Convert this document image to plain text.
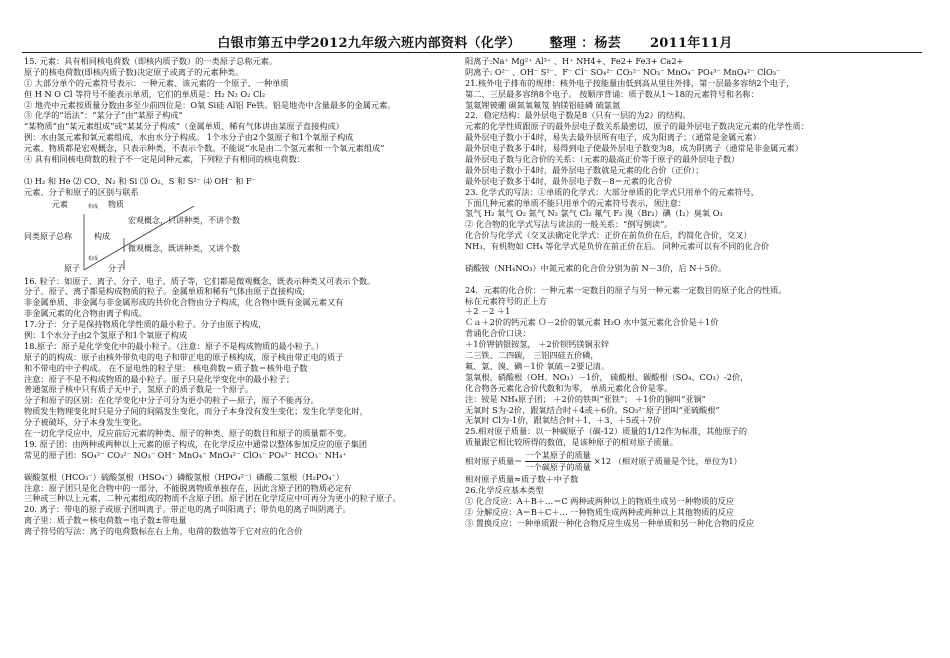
白银市第五中学2012九年级六班内部资料（化学）      整理 ：杨芸      2011年11月
15. 元素：具有相同核电荷数（即核内质子数）的一类原子总称元素。
原子的核电荷数(即核内质子数)决定原子或离子的元素种类。
① 大部分单个的元素符号表示：一种元素、该元素的一个原子、一种单质
但 H N O Cl 等符号不能表示单质，它们的单质是：H₂ N₂ O₂ Cl₂
② 地壳中元素按质量分数由多至少前四位是：O氧 Si硅 Al铝 Fe铁。铝是地壳中含量最多的金属元素。
③ 化学的“语法”：“某分子”由“某原子构成”
“某物质”由“某元素组成”或“某某分子构成”（金属单质、稀有气体讲由某原子直接构成）
例：水由氢元素和氧元素组成，水由水分子构成。 1个水分子由2个氢原子和1个氧原子构成
元素、物质都是宏观概念，只表示种类，不表示个数。不能说“水是由二个氢元素和一个氧元素组成”
④ 具有相同核电荷数的粒子不一定是同种元素，下列粒子有相同的核电荷数：
⑴ H₂ 和 He ⑵ CO、N₂ 和 Si ⑶ O₂、S 和 S²⁻ ⑷ OH⁻ 和 F⁻
元素、分子和原子的区别与联系
元素	物质
构成
宏观概念，只讲种类，不讲个数
同类原子总称	构成
微观概念，既讲种类，又讲个数
构成
原子	分子
16. 粒子：如原子、离子、分子、电子、质子等，它们都是微观概念，既表示种类又可表示个数。
分子、原子、离子都是构成物质的粒子。金属单质和稀有气体由原子直接构成;
非金属单质、非金属与非金属形成的共价化合物由分子构成，化合物中既有金属元素又有
非金属元素的化合物由离子构成。
17.分子：分子是保持物质化学性质的最小粒子。分子由原子构成，
例：1个水分子由2个氢原子和1个氧原子构成
18.原子：原子是化学变化中的最小粒子。（注意：原子不是构成物质的最小粒子。）
原子的的构成：原子由核外带负电的电子和带正电的原子核构成，原子核由带正电的质子
和不带电的中子构成。 在不显电性的粒子里： 核电荷数＝质子数＝核外电子数
注意：原子不是不构成物质的最小粒子。原子只是化学变化中的最小粒子；
普通氢原子核中只有质子无中子，氢原子的质子数是一个原子。
分子和原子的区别：在化学变化中分子可分为更小的粒子—原子，原子不能再分。
物质发生物理变化时只是分子间的间隔发生变化，而分子本身没有发生变化；发生化学变化时，
分子被破坏，分子本身发生变化。
在一切化学反应中，反应前后元素的种类、原子的种类、原子的数目和原子的质量都不变。
19. 原子团：由两种或两种以上元素的原子构成，在化学反应中通常以整体参加反应的原子集团
常见的原子团：SO₄²⁻ CO₃²⁻ NO₃⁻ OH⁻ MnO₄⁻ MnO₄²⁻ ClO₃⁻ PO₄³⁻ HCO₃⁻ NH₄⁺
碳酸氢根（HCO₃⁻）硫酸氢根（HSO₄⁻）磷酸氢根（HPO₄²⁻）磷酸二氢根（H₂PO₄⁻）
注意：原子团只是化合物中的一部分，不能脱离物质单独存在，因此含原子团的物质必定有
三种或三种以上元素，二种元素组成的物质不含原子团。原子团在化学反应中可再分为更小的粒子原子。
20. 离子：带电的原子或原子团叫离子。带正电的离子叫阳离子；带负电的离子叫阴离子。
离子里：质子数＝核电荷数＝电子数±带电量
离子符号的写法：离子的电荷数标在右上角，电荷的数值等于它对应的化合价
阳离子:Na⁺ Mg²⁺ Al³⁺ 、H⁺ NH4+、Fe2+ Fe3+ Ca2+
阴离子: O²⁻ 、OH⁻ S²⁻、F⁻ Cl⁻ SO₄²⁻ CO₃²⁻ NO₃⁻ MnO₄⁻ PO₄³⁻ MnO₄²⁻ ClO₃⁻
21.核外电子排布的规律：核外电子按能量由低到高从里往外排，第一层最多容纳2个电子，
第二、三层最多容纳8个电子。 按顺序背诵：质子数从1～18的元素符号和名称：
氢氦锂铍硼 碳氮氧氟氖 钠镁铝硅磷 硫氯氩
22．稳定结构：最外层电子数是8（只有一层的为2）的结构。
元素的化学性质跟原子的最外层电子数关系最密切，原子的最外层电子数决定元素的化学性质：
最外层电子数小于4时，易失去最外层所有电子，成为阳离子；（通常是金属元素）
最外层电子数多于4时，易得到电子使最外层电子数变为8，成为阴离子（通常是非金属元素）
最外层电子数与化合价的关系：（元素的最高正价等于原子的最外层电子数）
最外层电子数小于4时，最外层电子数就是元素的化合价（正价）；
最外层电子数多于4时，最外层电子数－8＝元素的化合价
23. 化学式的写法：①单质的化学式：大部分单质的化学式只用单个的元素符号，
下面几种元素的单质不能只用单个的元素符号表示，须注意：
氢气 H₂ 氧气 O₂ 氮气 N₂ 氯气 Cl₂ 氟气 F₂ 溴（Br₂）碘（I₂）臭氧 O₃
② 化合物的化学式写法与读法的一般关系：“倒写倒读”。
化合价与化学式（交叉法确定化学式：正价在前负价在后，约简化合价，交叉）
NH₃、有机物如 CH₄ 等化学式是负价在前正价在后。 同种元素可以有不同的化合价
硝酸铵（NH₄NO₃）中氮元素的化合价分别为前 N－3价，后 N＋5价。
24．元素的化合价：一种元素一定数目的原子与另一种元素一定数目的原子化合的性质。
标在元素符号的正上方
＋2 －2 ＋1
Ｃａ＋2价的钙元素 Ｏ－2价的氧元素 H₂O 水中氢元素化合价是＋1价
背诵化合价口诀：
＋1价钾钠银铵氢， ＋2价钡钙镁铜汞锌
二三铁、二四碳， 三铝四硅五价磷，
氟、氯、溴、碘－1价 氧硫－2要记清。
氢氧根、硝酸根（OH、NO₃）－1价， 硫酸根、碳酸根（SO₄、CO₃）-2价，
化合物各元素化合价代数和为零， 单质元素化合价是零。
注：铵是 NH₄原子团； ＋2价的铁叫“亚铁”； ＋1价的铜叫“亚铜”
无氧时 S为-2价，跟氧结合时＋4或＋6价。SO₃²⁻原子团叫“亚硫酸根”
无氧时 Cl为-1价，跟氧结合时＋1、＋3、＋5或＋7价
25.相对原子质量：以一种碳原子（碳-12）质量的1/12作为标准，其他原子的
质量跟它相比较所得的数值，是该种原子的相对原子质量。
相对原子质量＝
一个某原子的质量
一个碳原子的质量
×12 （相对原子质量是个比，单位为1）
相对原子质量≈质子数＋中子数
26.化学反应基本类型
① 化合反应：A＋B＋…＝C 两种或两种以上的物质生成另一种物质的反应
② 分解反应：A＝B＋C＋… 一种物质生成两种或两种以上其他物质的反应
③ 置换反应：一种单质跟一种化合物反应生成另一种单质和另一种化合物的反应
